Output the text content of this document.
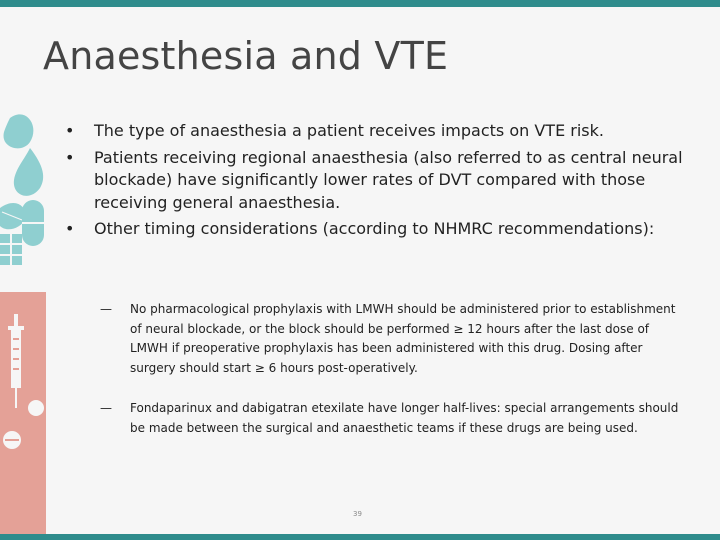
Anaesthesia and VTE
• The type of anaesthesia a patient receives impacts on VTE risk.
• Patients receiving regional anaesthesia (also referred to as central neural blockade) have significantly lower rates of DVT compared with those receiving general anaesthesia.
• Other timing considerations (according to NHMRC recommendations):
— No pharmacological prophylaxis with LMWH should be administered prior to establishment of neural blockade, or the block should be performed ≥ 12 hours after the last dose of LMWH if preoperative prophylaxis has been administered with this drug. Dosing after surgery should start ≥ 6 hours post-operatively.
— Fondaparinux and dabigatran etexilate have longer half-lives: special arrangements should be made between the surgical and anaesthetic teams if these drugs are being used.
39
